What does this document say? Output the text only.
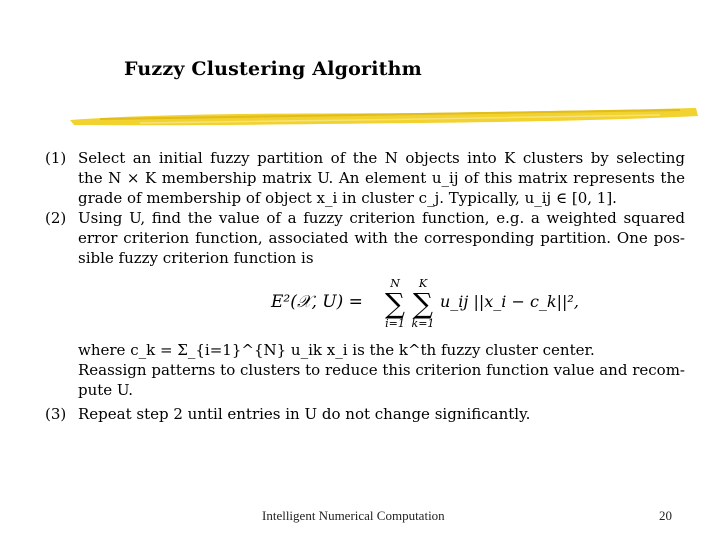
Fuzzy Clustering Algorithm
(1) Select an initial fuzzy partition of the N objects into K clusters by selecting
the N × K membership matrix U. An element u_ij of this matrix represents the
grade of membership of object x_i in cluster c_j. Typically, u_ij ∈ [0, 1].
(2) Using U, find the value of a fuzzy criterion function, e.g. a weighted squared
error criterion function, associated with the corresponding partition. One pos-
sible fuzzy criterion function is
E²(𝒳, U) =
N
∑
i=1
K
∑
k=1
u_ij ||x_i − c_k||²,
where c_k = Σ_{i=1}^{N} u_ik x_i is the k^th fuzzy cluster center.
Reassign patterns to clusters to reduce this criterion function value and recom-
pute U.
(3) Repeat step 2 until entries in U do not change significantly.
Intelligent Numerical Computation	20
